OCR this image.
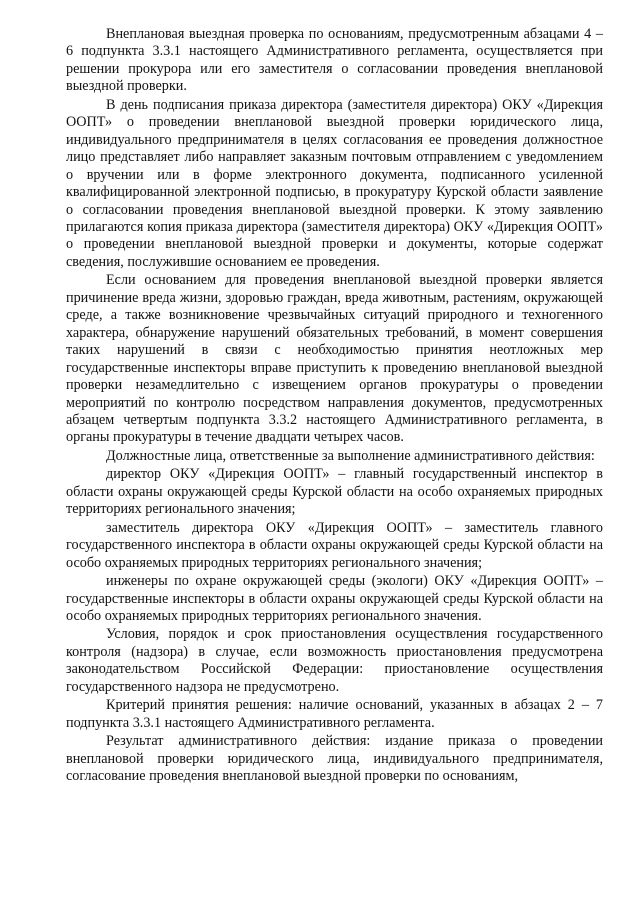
Внеплановая выездная проверка по основаниям, предусмотренным абзацами 4 – 6 подпункта 3.3.1 настоящего Административного регламента, осуществляется при решении прокурора или его заместителя о согласовании проведения внеплановой выездной проверки.

В день подписания приказа директора (заместителя директора) ОКУ «Дирекция ООПТ» о проведении внеплановой выездной проверки юридического лица, индивидуального предпринимателя в целях согласования ее проведения должностное лицо представляет либо направляет заказным почтовым отправлением с уведомлением о вручении или в форме электронного документа, подписанного усиленной квалифицированной электронной подписью, в прокуратуру Курской области заявление о согласовании проведения внеплановой выездной проверки. К этому заявлению прилагаются копия приказа директора (заместителя директора) ОКУ «Дирекция ООПТ» о проведении внеплановой выездной проверки и документы, которые содержат сведения, послужившие основанием ее проведения.

Если основанием для проведения внеплановой выездной проверки является причинение вреда жизни, здоровью граждан, вреда животным, растениям, окружающей среде, а также возникновение чрезвычайных ситуаций природного и техногенного характера, обнаружение нарушений обязательных требований, в момент совершения таких нарушений в связи с необходимостью принятия неотложных мер государственные инспекторы вправе приступить к проведению внеплановой выездной проверки незамедлительно с извещением органов прокуратуры о проведении мероприятий по контролю посредством направления документов, предусмотренных абзацем четвертым подпункта 3.3.2 настоящего Административного регламента, в органы прокуратуры в течение двадцати четырех часов.

Должностные лица, ответственные за выполнение административного действия:

директор ОКУ «Дирекция ООПТ» – главный государственный инспектор в области охраны окружающей среды Курской области на особо охраняемых природных территориях регионального значения;

заместитель директора ОКУ «Дирекция ООПТ» – заместитель главного государственного инспектора в области охраны окружающей среды Курской области на особо охраняемых природных территориях регионального значения;

инженеры по охране окружающей среды (экологи) ОКУ «Дирекция ООПТ» – государственные инспекторы в области охраны окружающей среды Курской области на особо охраняемых природных территориях регионального значения.

Условия, порядок и срок приостановления осуществления государственного контроля (надзора) в случае, если возможность приостановления предусмотрена законодательством Российской Федерации: приостановление осуществления государственного надзора не предусмотрено.

Критерий принятия решения: наличие оснований, указанных в абзацах 2 – 7 подпункта 3.3.1 настоящего Административного регламента.

Результат административного действия: издание приказа о проведении внеплановой проверки юридического лица, индивидуального предпринимателя, согласование проведения внеплановой выездной проверки по основаниям,
